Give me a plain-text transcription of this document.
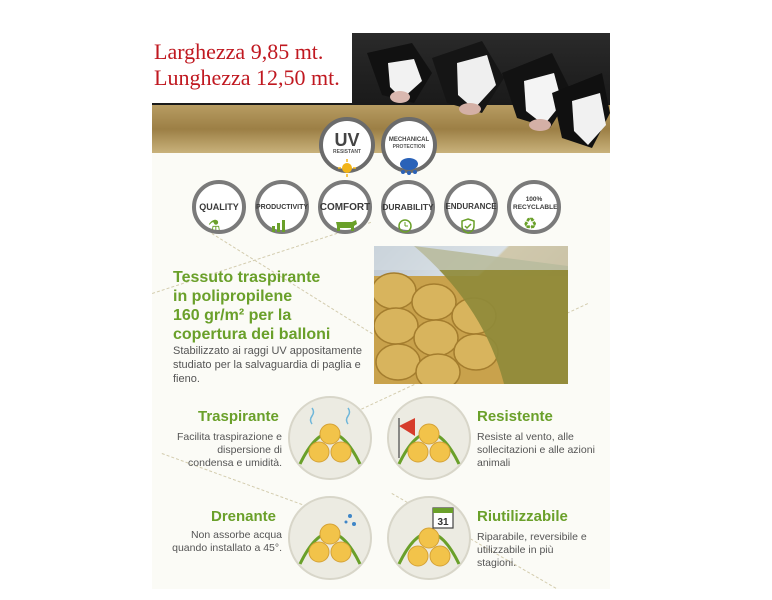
Larghezza 9,85 mt.
Lunghezza 12,50 mt.
UV
RESISTANT
MECHANICAL
PROTECTION
QUALITY
⚗
PRODUCTIVITY	COMFORT	DURABILITY	ENDURANCE
100% RECYCLABLE
♻
Tessuto traspirante
in polipropilene
160 gr/m² per la
copertura dei balloni
Stabilizzato ai raggi UV appositamente studiato per la salvaguardia di paglia e fieno.
Traspirante
Facilita traspirazione e dispersione di condensa e umidità.
Resistente
Resiste al vento, alle sollecitazioni e alle azioni animali
Drenante
Non assorbe acqua quando installato a 45°.
31 Riutilizzabile
Riparabile, reversibile e utilizzabile in più stagioni.
